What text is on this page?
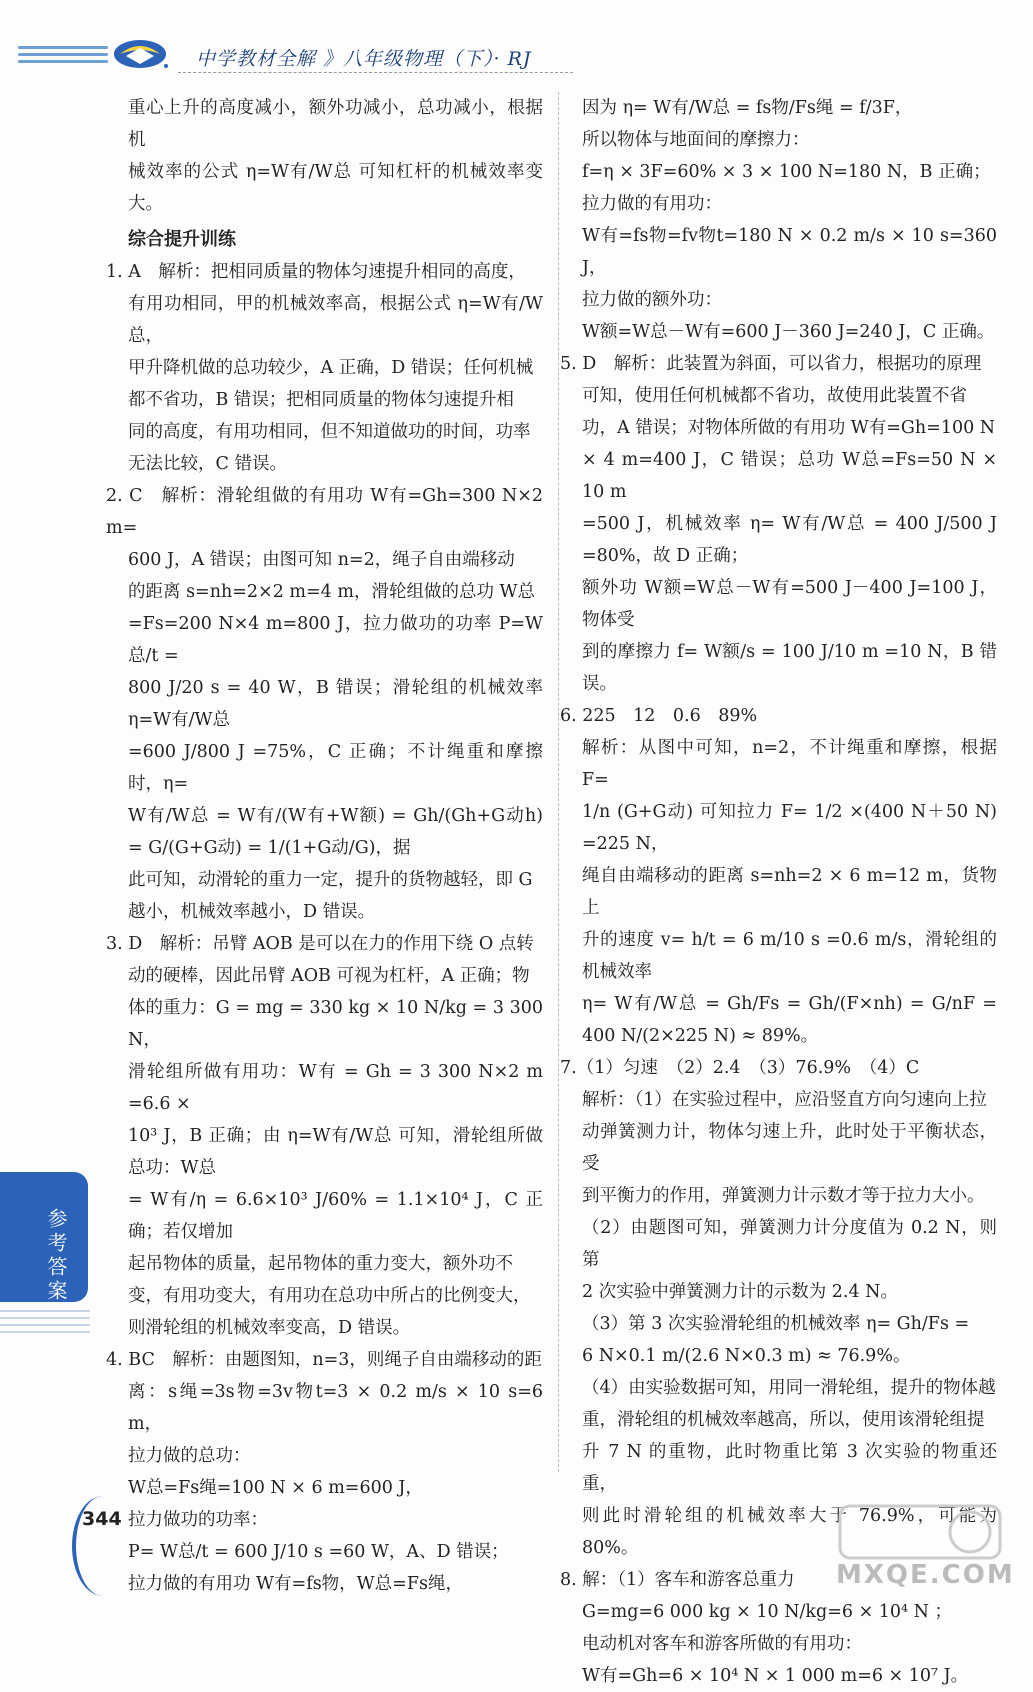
中学教材全解 》八年级物理（下）· RJ
重心上升的高度减小，额外功减小，总功减小，根据机
械效率的公式 η=W有/W总 可知杠杆的机械效率变大。
综合提升训练
1. A　解析：把相同质量的物体匀速提升相同的高度，
有用功相同，甲的机械效率高，根据公式 η=W有/W总，
甲升降机做的总功较少，A 正确，D 错误；任何机械
都不省功，B 错误；把相同质量的物体匀速提升相
同的高度，有用功相同，但不知道做功的时间，功率
无法比较，C 错误。
2. C　解析：滑轮组做的有用功 W有=Gh=300 N×2 m=
600 J，A 错误；由图可知 n=2，绳子自由端移动
的距离 s=nh=2×2 m=4 m，滑轮组做的总功 W总
=Fs=200 N×4 m=800 J，拉力做功的功率 P=W总/t =
800 J/20 s = 40 W，B 错误；滑轮组的机械效率 η=W有/W总
=600 J/800 J =75%，C 正确；不计绳重和摩擦时，η=
W有/W总 = W有/(W有+W额) = Gh/(Gh+G动h) = G/(G+G动) = 1/(1+G动/G)，据
此可知，动滑轮的重力一定，提升的货物越轻，即 G
越小，机械效率越小，D 错误。
3. D　解析：吊臂 AOB 是可以在力的作用下绕 O 点转
动的硬棒，因此吊臂 AOB 可视为杠杆，A 正确；物
体的重力：G = mg = 330 kg × 10 N/kg = 3 300 N，
滑轮组所做有用功：W有 = Gh = 3 300 N×2 m =6.6 ×
10³ J，B 正确；由 η=W有/W总 可知，滑轮组所做总功：W总
= W有/η = 6.6×10³ J/60% = 1.1×10⁴ J，C 正确；若仅增加
起吊物体的质量，起吊物体的重力变大，额外功不
变，有用功变大，有用功在总功中所占的比例变大，
则滑轮组的机械效率变高，D 错误。
4. BC　解析：由题图知，n=3，则绳子自由端移动的距
离：s绳=3s物=3v物t=3 × 0.2 m/s × 10 s=6 m，
拉力做的总功：
W总=Fs绳=100 N × 6 m=600 J，
拉力做功的功率：
P= W总/t = 600 J/10 s =60 W，A、D 错误；
拉力做的有用功 W有=fs物，W总=Fs绳，
因为 η= W有/W总 = fs物/Fs绳 = f/3F，
所以物体与地面间的摩擦力：
f=η × 3F=60% × 3 × 100 N=180 N，B 正确；
拉力做的有用功：
W有=fs物=fv物t=180 N × 0.2 m/s × 10 s=360 J，
拉力做的额外功：
W额=W总－W有=600 J－360 J=240 J，C 正确。
5. D　解析：此装置为斜面，可以省力，根据功的原理
可知，使用任何机械都不省功，故使用此装置不省
功，A 错误；对物体所做的有用功 W有=Gh=100 N
× 4 m=400 J，C 错误；总功 W总=Fs=50 N × 10 m
=500 J，机械效率 η= W有/W总 = 400 J/500 J =80%，故 D 正确；
额外功 W额=W总－W有=500 J－400 J=100 J，物体受
到的摩擦力 f= W额/s = 100 J/10 m =10 N，B 错误。
6. 225　12　0.6　89%
解析：从图中可知，n=2，不计绳重和摩擦，根据 F=
1/n (G+G动) 可知拉力 F= 1/2 ×(400 N＋50 N) =225 N，
绳自由端移动的距离 s=nh=2 × 6 m=12 m，货物上
升的速度 v= h/t = 6 m/10 s =0.6 m/s，滑轮组的机械效率
η= W有/W总 = Gh/Fs = Gh/(F×nh) = G/nF = 400 N/(2×225 N) ≈ 89%。
7.（1）匀速　（2）2.4　（3）76.9%　（4）C
解析：（1）在实验过程中，应沿竖直方向匀速向上拉
动弹簧测力计，物体匀速上升，此时处于平衡状态，受
到平衡力的作用，弹簧测力计示数才等于拉力大小。
（2）由题图可知，弹簧测力计分度值为 0.2 N，则第
2 次实验中弹簧测力计的示数为 2.4 N。
（3）第 3 次实验滑轮组的机械效率 η= Gh/Fs =
6 N×0.1 m/(2.6 N×0.3 m) ≈ 76.9%。
（4）由实验数据可知，用同一滑轮组，提升的物体越
重，滑轮组的机械效率越高，所以，使用该滑轮组提
升 7 N 的重物，此时物重比第 3 次实验的物重还重，
则此时滑轮组的机械效率大于 76.9%，可能为 80%。
8. 解：（1）客车和游客总重力
G=mg=6 000 kg × 10 N/kg=6 × 10⁴ N ；
电动机对客车和游客所做的有用功：
W有=Gh=6 × 10⁴ N × 1 000 m=6 × 10⁷ J。
参考答案
344
MXQE.COM
